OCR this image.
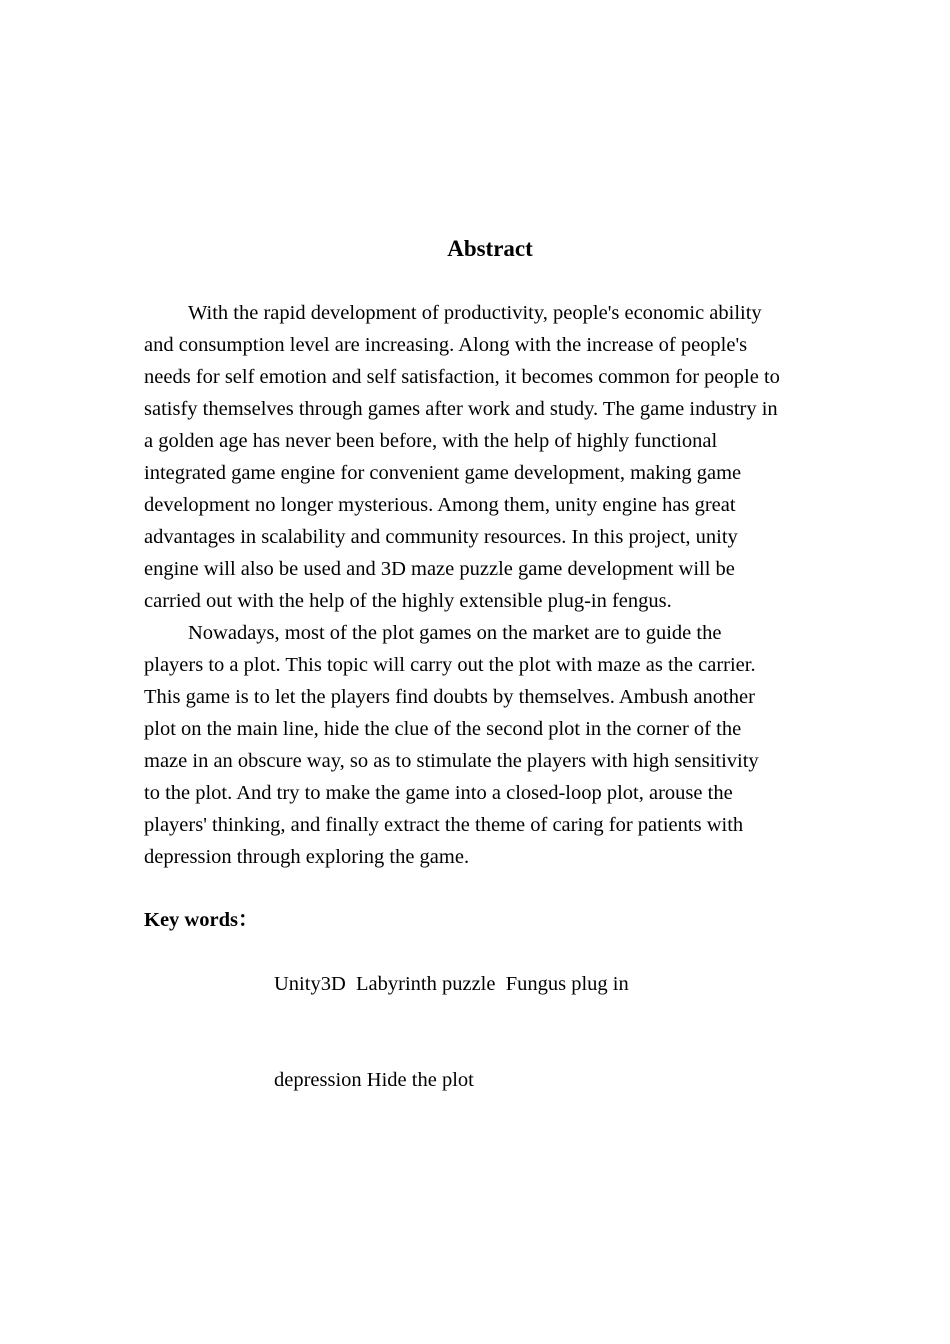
Abstract
With the rapid development of productivity, people's economic ability
and consumption level are increasing. Along with the increase of people's
needs for self emotion and self satisfaction, it becomes common for people to
satisfy themselves through games after work and study. The game industry in
a golden age has never been before, with the help of highly functional
integrated game engine for convenient game development, making game
development no longer mysterious. Among them, unity engine has great
advantages in scalability and community resources. In this project, unity
engine will also be used and 3D maze puzzle game development will be
carried out with the help of the highly extensible plug-in fengus.
Nowadays, most of the plot games on the market are to guide the
players to a plot. This topic will carry out the plot with maze as the carrier.
This game is to let the players find doubts by themselves. Ambush another
plot on the main line, hide the clue of the second plot in the corner of the
maze in an obscure way, so as to stimulate the players with high sensitivity
to the plot. And try to make the game into a closed-loop plot, arouse the
players' thinking, and finally extract the theme of caring for patients with
depression through exploring the game.
Key words：

Unity3D  Labyrinth puzzle  Fungus plug in

depression Hide the plot
